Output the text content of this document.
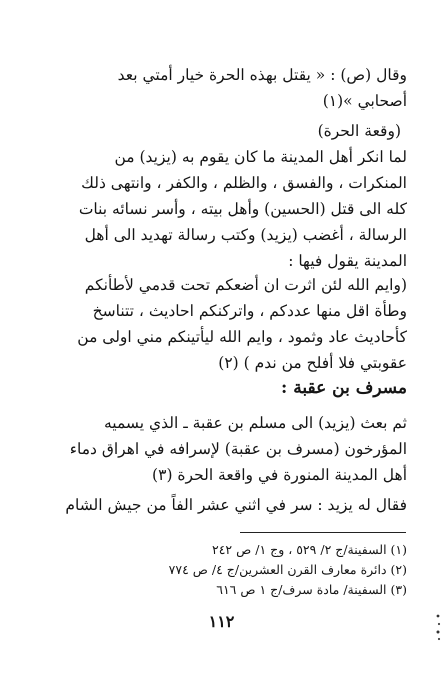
وقال (ص) : « يقتل بهذه الحرة خيار أمتي بعد
أصحابي »(١)
(وقعة الحرة)
لما انكر أهل المدينة ما كان يقوم به (يزيد) من
المنكرات ، والفسق ، والظلم ، والكفر ، وانتهى ذلك
كله الى قتل (الحسين) وأهل بيته ، وأسر نسائه بنات
الرسالة ، أغضب (يزيد) وكتب رسالة تهديد الى أهل
المدينة يقول فيها :
(وايم الله لئن اثرت ان أضعكم تحت قدمي لأطأنكم
وطأة اقل منها عددكم ، واتركنكم احاديث ، تتناسخ
كأحاديث عاد وثمود ، وايم الله ليأتينكم مني اولى من
عقوبتي فلا أفلح من ندم ) (٢)
مسرف بن عقبة :
ثم بعث (يزيد) الى مسلم بن عقبة ـ الذي يسميه
المؤرخون (مسرف بن عقبة) لإسرافه في اهراق دماء
أهل المدينة المنورة في واقعة الحرة (٣)
فقال له يزيد : سر في اثني عشر الفاً من جيش الشام
(١) السفينة/ج ٢/ ٥٢٩ ، وج ١/ ص ٢٤٢
(٢) دائرة معارف القرن العشرين/ج ٤/ ص ٧٧٤
(٣) السفينة/ مادة سرف/ج ١ ص ٦١٦
١١٢
